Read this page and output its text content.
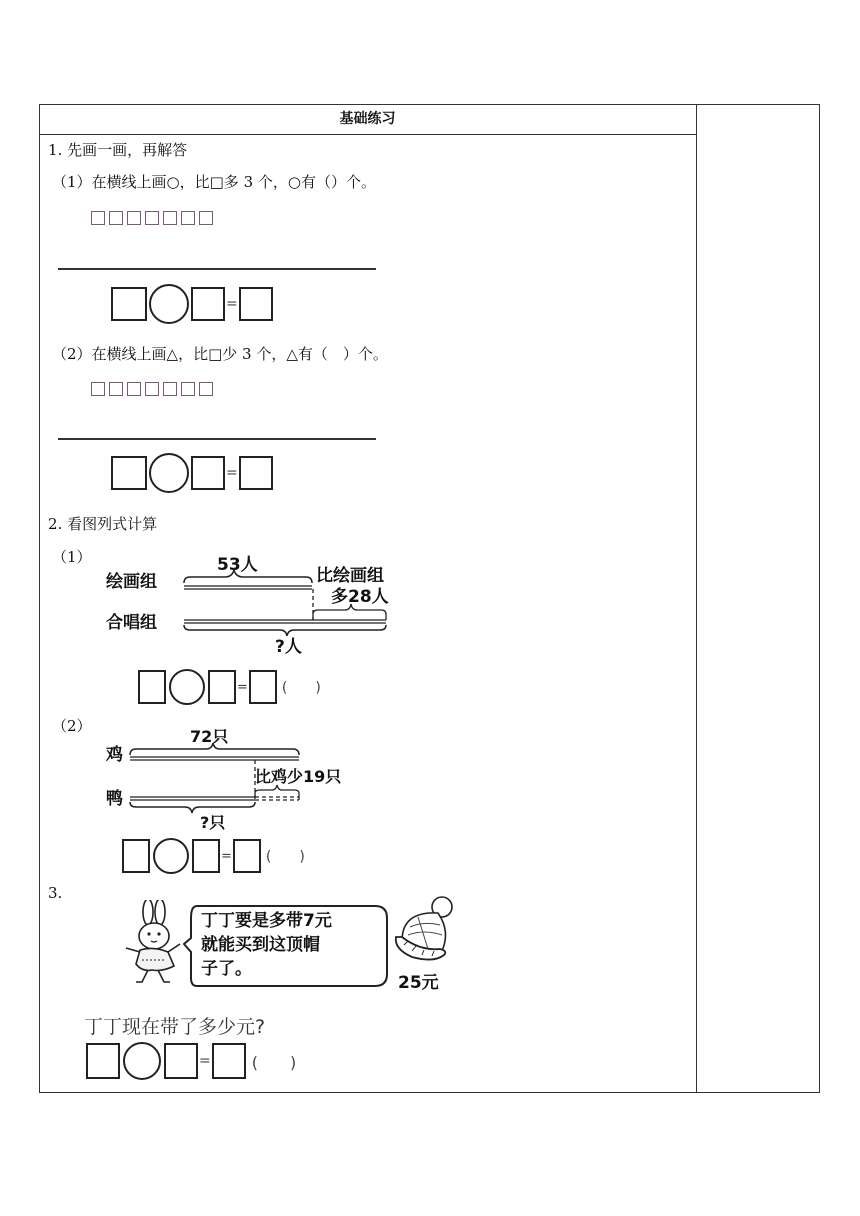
基础练习
1. 先画一画，再解答
（1）在横线上画○，比□多 3 个，○有（）个。
=
（2）在横线上画△，比□少 3 个，△有（　）个。
=
2. 看图列式计算
（1）
绘画组
合唱组
53人
比绘画组
多28人
?人
= (　　)
（2）
鸡
鸭
72只
比鸡少19只
?只
= (　　)
3.
丁丁要是多带7元
就能买到这顶帽
子了。
25元
丁丁现在带了多少元?
=	(　　)
